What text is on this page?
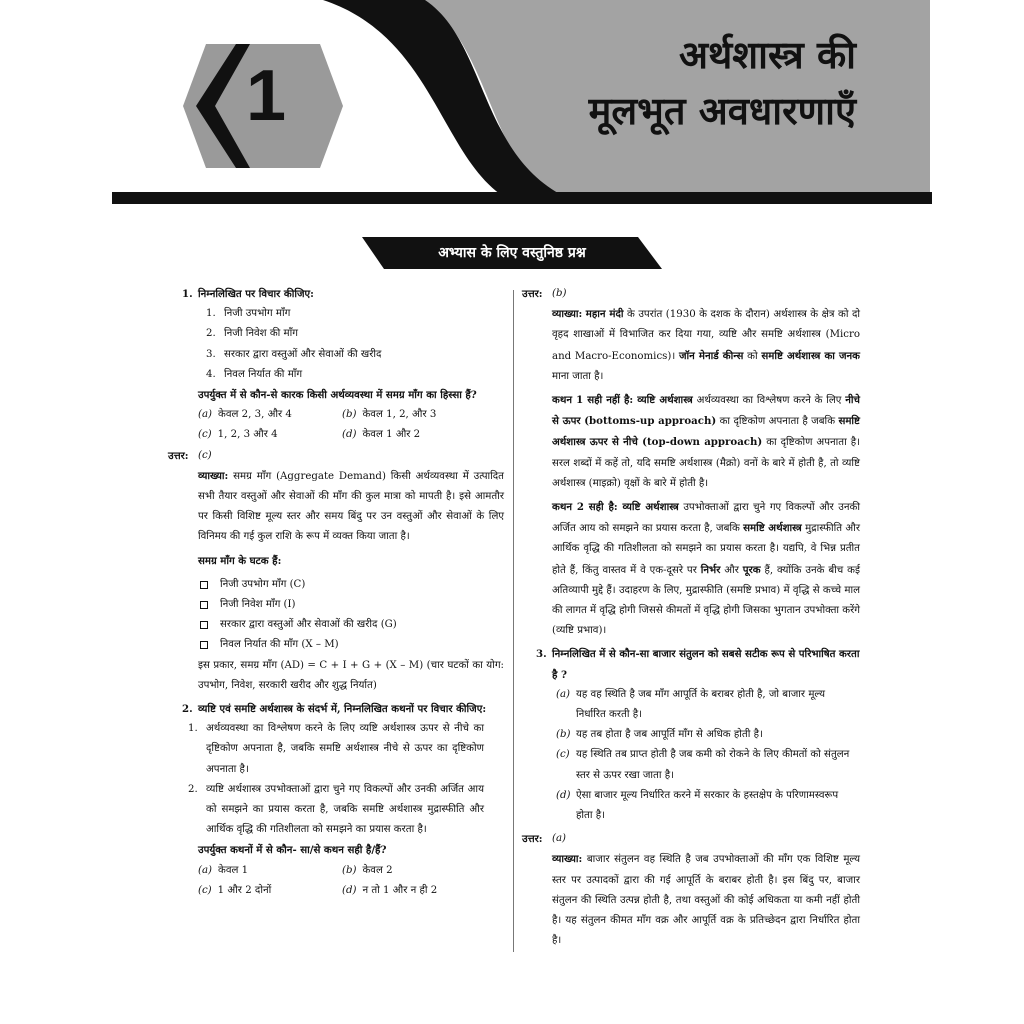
1
अर्थशास्त्र की
मूलभूत अवधारणाएँ
अभ्यास के लिए वस्तुनिष्ठ प्रश्न
1. निम्नलिखित पर विचार कीजिए:
1. निजी उपभोग माँग
2. निजी निवेश की माँग
3. सरकार द्वारा वस्तुओं और सेवाओं की खरीद
4. निवल निर्यात की माँग
उपर्युक्त में से कौन-से कारक किसी अर्थव्यवस्था में समग्र माँग का हिस्सा हैं?
(a) केवल 2, 3, और 4	(b) केवल 1, 2, और 3
(c) 1, 2, 3 और 4	(d) केवल 1 और 2
उत्तर: (c)
व्याख्या: समग्र माँग (Aggregate Demand) किसी अर्थव्यवस्था में उत्पादित सभी तैयार वस्तुओं और सेवाओं की माँग की कुल मात्रा को मापती है। इसे आमतौर पर किसी विशिष्ट मूल्य स्तर और समय बिंदु पर उन वस्तुओं और सेवाओं के लिए विनिमय की गई कुल राशि के रूप में व्यक्त किया जाता है।
समग्र माँग के घटक हैं:
निजी उपभोग माँग (C)
निजी निवेश माँग (I)
सरकार द्वारा वस्तुओं और सेवाओं की खरीद (G)
निवल निर्यात की माँग (X – M)
इस प्रकार, समग्र माँग (AD) = C + I + G + (X – M) (चार घटकों का योग: उपभोग, निवेश, सरकारी खरीद और शुद्ध निर्यात)
2. व्यष्टि एवं समष्टि अर्थशास्त्र के संदर्भ में, निम्नलिखित कथनों पर विचार कीजिए:
1. अर्थव्यवस्था का विश्लेषण करने के लिए व्यष्टि अर्थशास्त्र ऊपर से नीचे का दृष्टिकोण अपनाता है, जबकि समष्टि अर्थशास्त्र नीचे से ऊपर का दृष्टिकोण अपनाता है।
2. व्यष्टि अर्थशास्त्र उपभोक्ताओं द्वारा चुने गए विकल्पों और उनकी अर्जित आय को समझने का प्रयास करता है, जबकि समष्टि अर्थशास्त्र मुद्रास्फीति और आर्थिक वृद्धि की गतिशीलता को समझने का प्रयास करता है।
उपर्युक्त कथनों में से कौन- सा/से कथन सही है/हैं?
(a) केवल 1	(b) केवल 2
(c) 1 और 2 दोनों	(d) न तो 1 और न ही 2
उत्तर: (b)
व्याख्या: महान मंदी के उपरांत (1930 के दशक के दौरान) अर्थशास्त्र के क्षेत्र को दो वृहद शाखाओं में विभाजित कर दिया गया, व्यष्टि और समष्टि अर्थशास्त्र (Micro and Macro-Economics)। जॉन मेनार्ड कीन्स को समष्टि अर्थशास्त्र का जनक माना जाता है।
कथन 1 सही नहीं है: व्यष्टि अर्थशास्त्र अर्थव्यवस्था का विश्लेषण करने के लिए नीचे से ऊपर (bottoms-up approach) का दृष्टिकोण अपनाता है जबकि समष्टि अर्थशास्त्र ऊपर से नीचे (top-down approach) का दृष्टिकोण अपनाता है। सरल शब्दों में कहें तो, यदि समष्टि अर्थशास्त्र (मैक्रो) वनों के बारे में होती है, तो व्यष्टि अर्थशास्त्र (माइक्रो) वृक्षों के बारे में होती है।
कथन 2 सही है: व्यष्टि अर्थशास्त्र उपभोक्ताओं द्वारा चुने गए विकल्पों और उनकी अर्जित आय को समझने का प्रयास करता है, जबकि समष्टि अर्थशास्त्र मुद्रास्फीति और आर्थिक वृद्धि की गतिशीलता को समझने का प्रयास करता है। यद्यपि, वे भिन्न प्रतीत होते हैं, किंतु वास्तव में वे एक-दूसरे पर निर्भर और पूरक हैं, क्योंकि उनके बीच कई अतिव्यापी मुद्दे हैं। उदाहरण के लिए, मुद्रास्फीति (समष्टि प्रभाव) में वृद्धि से कच्चे माल की लागत में वृद्धि होगी जिससे कीमतों में वृद्धि होगी जिसका भुगतान उपभोक्ता करेंगे (व्यष्टि प्रभाव)।
3. निम्नलिखित में से कौन-सा बाजार संतुलन को सबसे सटीक रूप से परिभाषित करता है ?
(a) यह वह स्थिति है जब माँग आपूर्ति के बराबर होती है, जो बाजार मूल्य निर्धारित करती है।
(b) यह तब होता है जब आपूर्ति माँग से अधिक होती है।
(c) यह स्थिति तब प्राप्त होती है जब कमी को रोकने के लिए कीमतों को संतुलन स्तर से ऊपर रखा जाता है।
(d) ऐसा बाजार मूल्य निर्धारित करने में सरकार के हस्तक्षेप के परिणामस्वरूप होता है।
उत्तर: (a)
व्याख्या: बाजार संतुलन वह स्थिति है जब उपभोक्ताओं की माँग एक विशिष्ट मूल्य स्तर पर उत्पादकों द्वारा की गई आपूर्ति के बराबर होती है। इस बिंदु पर, बाजार संतुलन की स्थिति उत्पन्न होती है, तथा वस्तुओं की कोई अधिकता या कमी नहीं होती है। यह संतुलन कीमत माँग वक्र और आपूर्ति वक्र के प्रतिच्छेदन द्वारा निर्धारित होता है।
